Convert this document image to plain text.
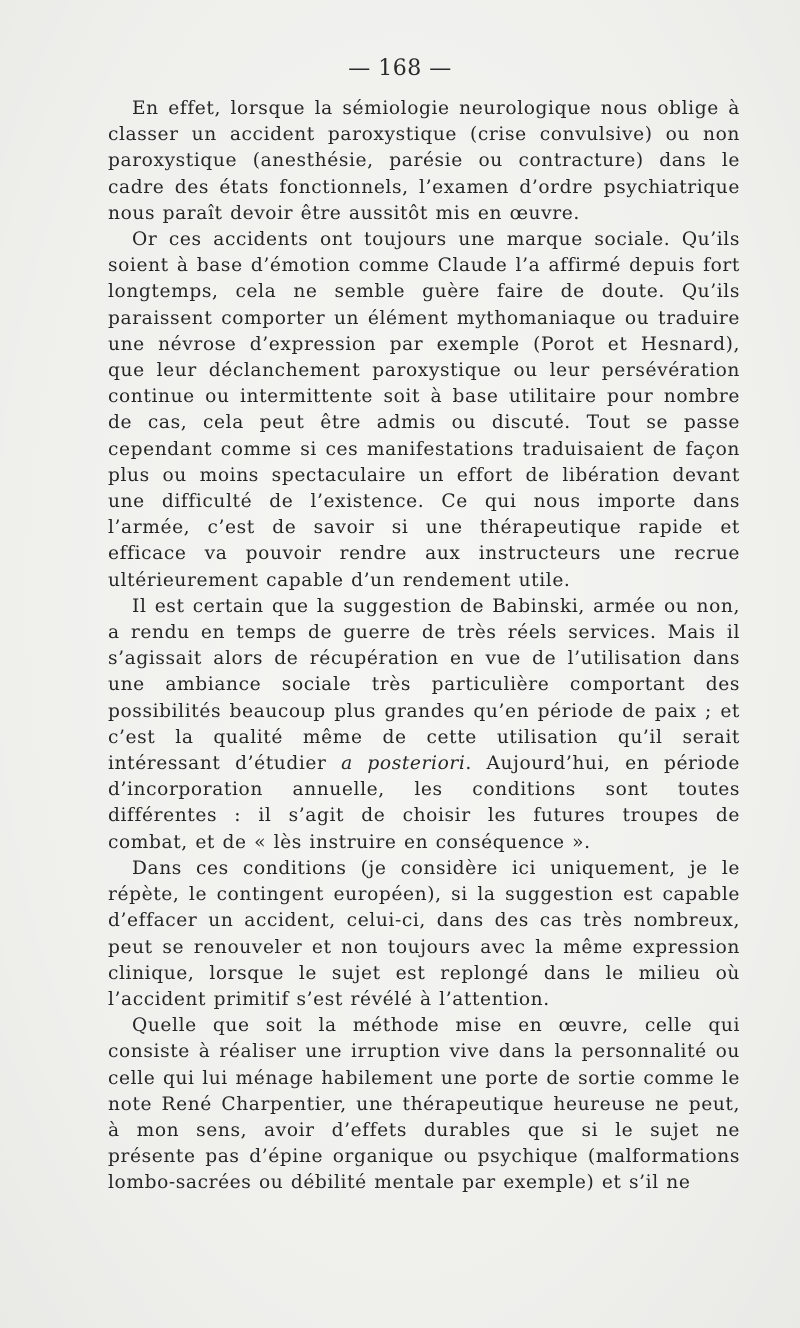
— 168 —

En effet, lorsque la sémiologie neurologique nous oblige à classer un accident paroxystique (crise convulsive) ou non paroxystique (anesthésie, parésie ou contracture) dans le cadre des états fonctionnels, l’examen d’ordre psychiatrique nous paraît devoir être aussitôt mis en œuvre.

Or ces accidents ont toujours une marque sociale. Qu’ils soient à base d’émotion comme Claude l’a affirmé depuis fort longtemps, cela ne semble guère faire de doute. Qu’ils paraissent comporter un élément mythomaniaque ou traduire une névrose d’expression par exemple (Porot et Hesnard), que leur déclanchement paroxystique ou leur persévération continue ou intermittente soit à base utilitaire pour nombre de cas, cela peut être admis ou discuté. Tout se passe cependant comme si ces manifestations traduisaient de façon plus ou moins spectaculaire un effort de libération devant une difficulté de l’existence. Ce qui nous importe dans l’armée, c’est de savoir si une thérapeutique rapide et efficace va pouvoir rendre aux instructeurs une recrue ultérieurement capable d’un rendement utile.

Il est certain que la suggestion de Babinski, armée ou non, a rendu en temps de guerre de très réels services. Mais il s’agissait alors de récupération en vue de l’utilisation dans une ambiance sociale très particulière comportant des possibilités beaucoup plus grandes qu’en période de paix ; et c’est la qualité même de cette utilisation qu’il serait intéressant d’étudier a posteriori. Aujourd’hui, en période d’incorporation annuelle, les conditions sont toutes différentes : il s’agit de choisir les futures troupes de combat, et de « lès instruire en conséquence ».

Dans ces conditions (je considère ici uniquement, je le répète, le contingent européen), si la suggestion est capable d’effacer un accident, celui-ci, dans des cas très nombreux, peut se renouveler et non toujours avec la même expression clinique, lorsque le sujet est replongé dans le milieu où l’accident primitif s’est révélé à l’attention.

Quelle que soit la méthode mise en œuvre, celle qui consiste à réaliser une irruption vive dans la personnalité ou celle qui lui ménage habilement une porte de sortie comme le note René Charpentier, une thérapeutique heureuse ne peut, à mon sens, avoir d’effets durables que si le sujet ne présente pas d’épine organique ou psychique (malformations lombo-sacrées ou débilité mentale par exemple) et s’il ne
